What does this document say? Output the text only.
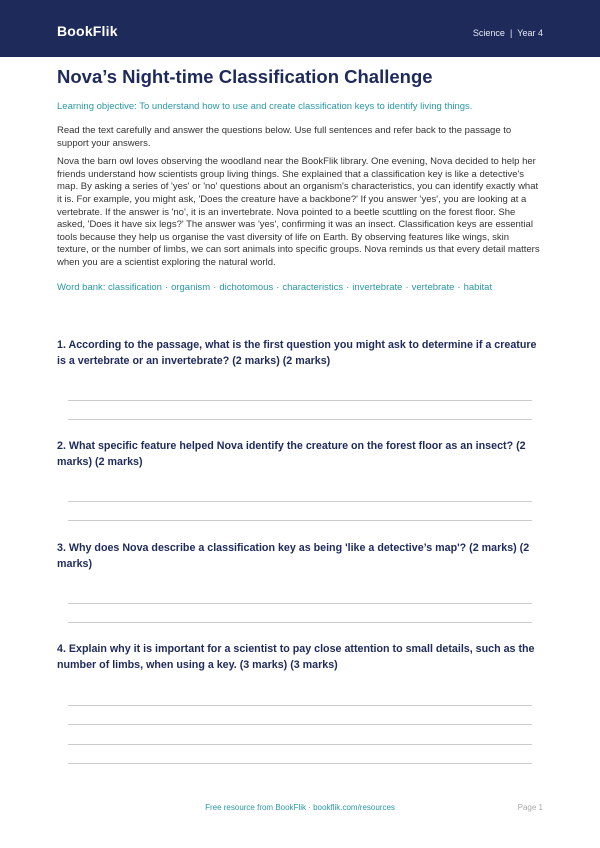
BookFlik	Science | Year 4
Nova’s Night-time Classification Challenge
Learning objective: To understand how to use and create classification keys to identify living things.
Read the text carefully and answer the questions below. Use full sentences and refer back to the passage to support your answers.
Nova the barn owl loves observing the woodland near the BookFlik library. One evening, Nova decided to help her friends understand how scientists group living things. She explained that a classification key is like a detective's map. By asking a series of 'yes' or 'no' questions about an organism's characteristics, you can identify exactly what it is. For example, you might ask, 'Does the creature have a backbone?' If you answer 'yes', you are looking at a vertebrate. If the answer is 'no', it is an invertebrate. Nova pointed to a beetle scuttling on the forest floor. She asked, 'Does it have six legs?' The answer was 'yes', confirming it was an insect. Classification keys are essential tools because they help us organise the vast diversity of life on Earth. By observing features like wings, skin texture, or the number of limbs, we can sort animals into specific groups. Nova reminds us that every detail matters when you are a scientist exploring the natural world.
Word bank: classification · organism · dichotomous · characteristics · invertebrate · vertebrate · habitat
1. According to the passage, what is the first question you might ask to determine if a creature is a vertebrate or an invertebrate? (2 marks) (2 marks)
2. What specific feature helped Nova identify the creature on the forest floor as an insect? (2 marks) (2 marks)
3. Why does Nova describe a classification key as being 'like a detective’s map'? (2 marks) (2 marks)
4. Explain why it is important for a scientist to pay close attention to small details, such as the number of limbs, when using a key. (3 marks) (3 marks)
Free resource from BookFlik · bookflik.com/resources	Page 1
